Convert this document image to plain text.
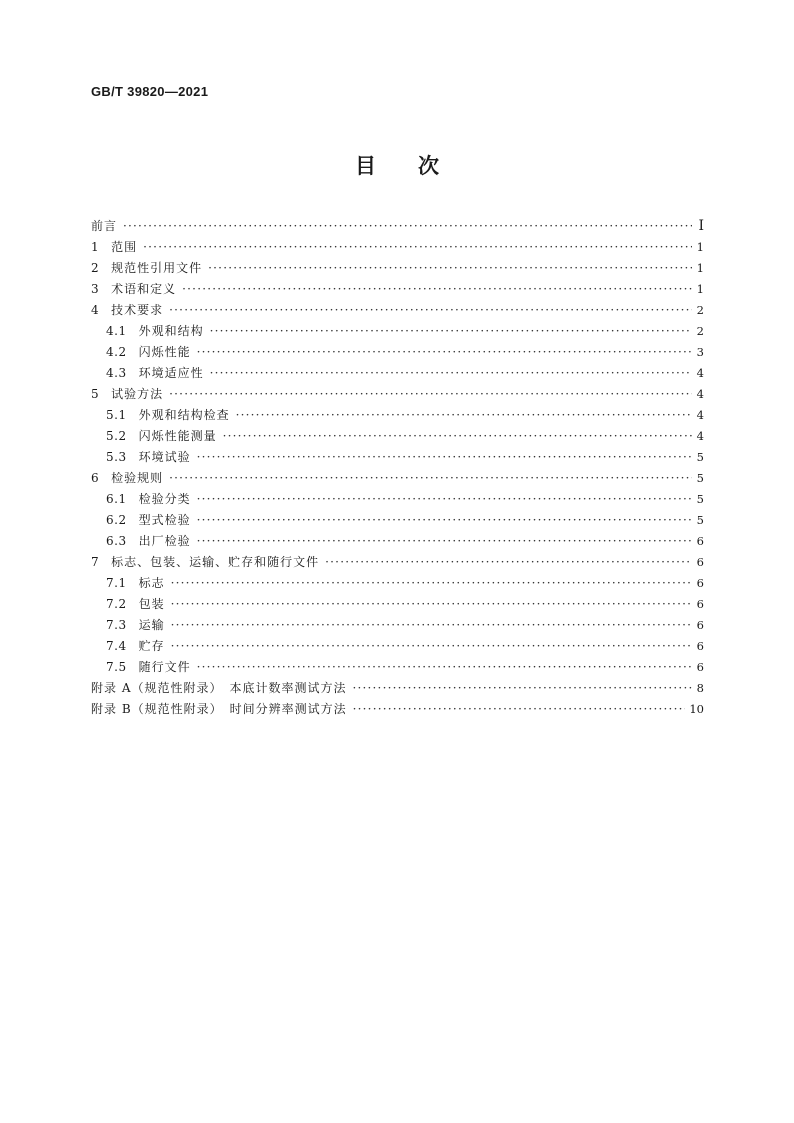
GB/T 39820—2021
目 次
前言 ·····	Ⅰ
1 范围 ·····	1
2 规范性引用文件 ·····	1
3 术语和定义 ·····	1
4 技术要求 ·····	2
4.1 外观和结构 ·····	2
4.2 闪烁性能 ·····	3
4.3 环境适应性 ·····	4
5 试验方法 ·····	4
5.1 外观和结构检查 ·····	4
5.2 闪烁性能测量 ·····	4
5.3 环境试验 ·····	5
6 检验规则 ·····	5
6.1 检验分类 ·····	5
6.2 型式检验 ·····	5
6.3 出厂检验 ·····	6
7 标志、包装、运输、贮存和随行文件 ·····	6
7.1 标志 ·····	6
7.2 包装 ·····	6
7.3 运输 ·····	6
7.4 贮存 ·····	6
7.5 随行文件 ·····	6
附录 A（规范性附录）　本底计数率测试方法 ·····	8
附录 B（规范性附录）　时间分辨率测试方法 ·····	10
